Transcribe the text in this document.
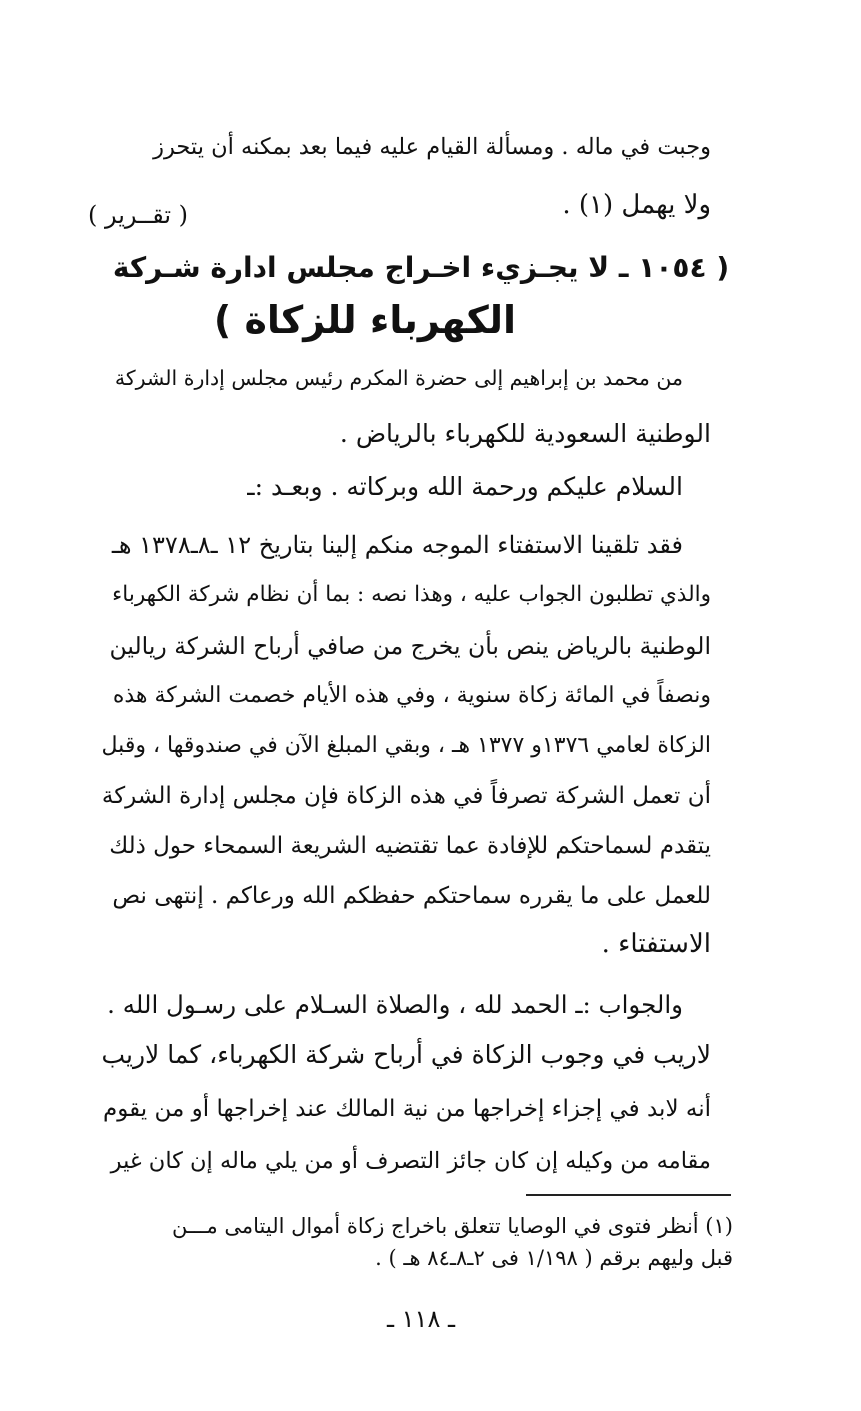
وجبت في ماله . ومسألة القيام عليه فيما بعد بمكنه أن يتحرز
ولا يهمل (١) .
( تقــرير )
( ١٠٥٤ ـ لا يجـزيء اخـراج مجلس ادارة شـركة
الكهرباء للزكاة )
من محمد بن إبراهيم إلى حضرة المكرم رئيس مجلس إدارة الشركة
الوطنية السعودية للكهرباء بالرياض .
السلام عليكم ورحمة الله وبركاته . وبعـد :ـ
فقد تلقينا الاستفتاء الموجه منكم إلينا بتاريخ ١٢ ـ٨ـ١٣٧٨ هـ
والذي تطلبون الجواب عليه ، وهذا نصه : بما أن نظام شركة الكهرباء
الوطنية بالرياض ينص بأن يخرج من صافي أرباح الشركة ريالين
ونصفاً في المائة زكاة سنوية ، وفي هذه الأيام خصمت الشركة هذه
الزكاة لعامي ١٣٧٦و ١٣٧٧ هـ ، وبقي المبلغ الآن في صندوقها ، وقبل
أن تعمل الشركة تصرفاً في هذه الزكاة فإن مجلس إدارة الشركة
يتقدم لسماحتكم للإفادة عما تقتضيه الشريعة السمحاء حول ذلك
للعمل على ما يقرره سماحتكم حفظكم الله ورعاكم . إنتهى نص
الاستفتاء .
والجواب :ـ الحمد لله ، والصلاة السـلام على رسـول الله .
لاريب في وجوب الزكاة في أرباح شركة الكهرباء، كما لاريب
أنه لابد في إجزاء إخراجها من نية المالك عند إخراجها أو من يقوم
مقامه من وكيله إن كان جائز التصرف أو من يلي ماله إن كان غير
(١) أنظر فتوى في الوصايا تتعلق باخراج زكاة أموال اليتامى مـــن
قبل وليهم برقم ( ١/١٩٨ فى ٢ـ٨ـ٨٤ هـ ) .
ـ ١١٨ ـ
